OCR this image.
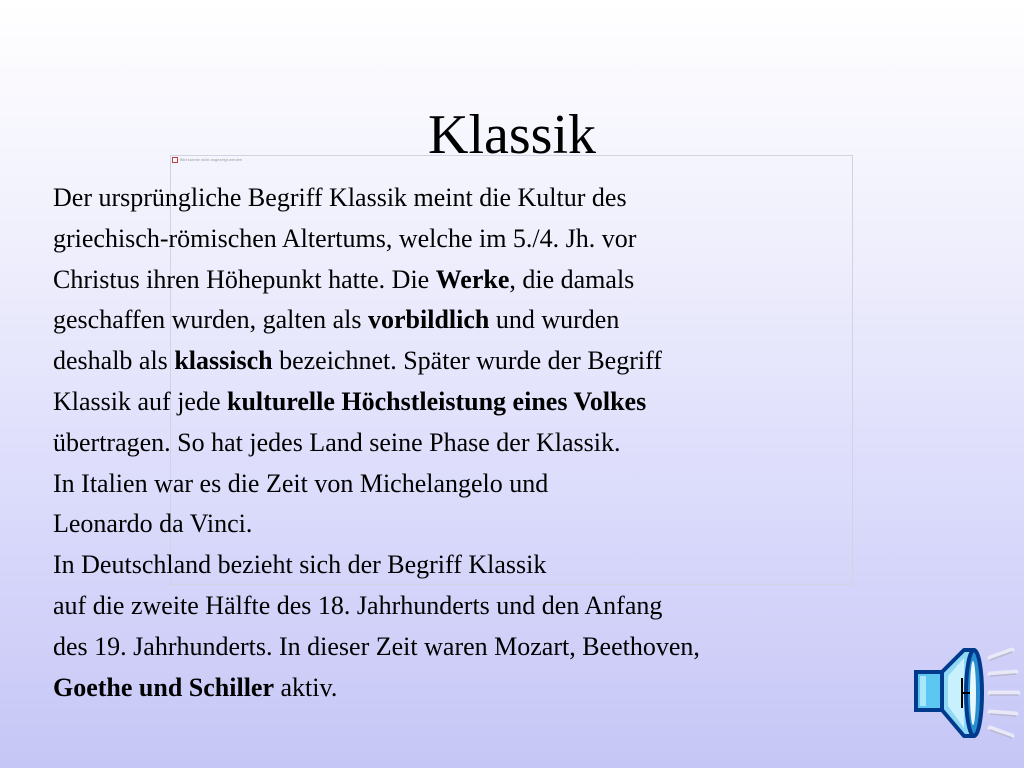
Klassik
Bild konnte nicht angezeigt werden
Der ursprüngliche Begriff Klassik meint die Kultur des
griechisch-römischen Altertums, welche im 5./4. Jh. vor
Christus ihren Höhepunkt hatte. Die Werke, die damals
geschaffen wurden, galten als vorbildlich und wurden
deshalb als klassisch bezeichnet. Später wurde der Begriff
Klassik auf jede kulturelle Höchstleistung eines Volkes
übertragen. So hat jedes Land seine Phase der Klassik.
In Italien war es die Zeit von Michelangelo und
Leonardo da Vinci.
In Deutschland bezieht sich der Begriff Klassik
auf die zweite Hälfte des 18. Jahrhunderts und den Anfang
des 19. Jahrhunderts. In dieser Zeit waren Mozart, Beethoven,
Goethe und Schiller aktiv.
